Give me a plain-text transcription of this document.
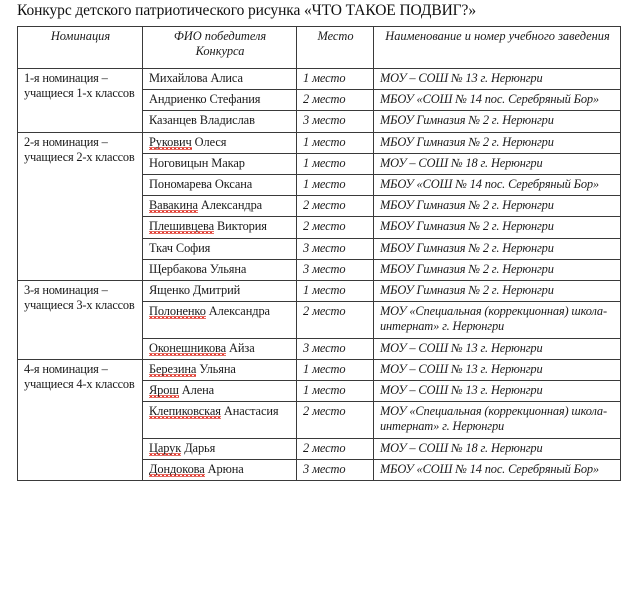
Конкурс детского патриотического рисунка «ЧТО ТАКОЕ ПОДВИГ?»
Номинация	ФИО победителя Конкурса	Место	Наименование и номер учебного заведения
1-я номинация – учащиеся 1-х классов	Михайлова Алиса	1 место	МОУ – СОШ № 13 г. Нерюнгри
	Андриенко Стефания	2 место	МБОУ «СОШ № 14 пос. Серебряный Бор»
	Казанцев Владислав	3 место	МБОУ Гимназия № 2 г. Нерюнгри
2-я номинация – учащиеся 2-х классов	Рукович Олеся	1 место	МБОУ Гимназия № 2 г. Нерюнгри
	Ноговицын Макар	1 место	МОУ – СОШ № 18 г. Нерюнгри
	Пономарева Оксана	1 место	МБОУ «СОШ № 14 пос. Серебряный Бор»
	Вавакина Александра	2 место	МБОУ Гимназия № 2 г. Нерюнгри
	Плешивцева Виктория	2 место	МБОУ Гимназия № 2 г. Нерюнгри
	Ткач София	3 место	МБОУ Гимназия № 2 г. Нерюнгри
	Щербакова Ульяна	3 место	МБОУ Гимназия № 2 г. Нерюнгри
3-я номинация – учащиеся 3-х классов	Ященко Дмитрий	1 место	МБОУ Гимназия № 2 г. Нерюнгри
	Полоненко Александра	2 место	МОУ «Специальная (коррекционная) школа-интернат» г. Нерюнгри
	Оконешникова Айза	3 место	МОУ – СОШ № 13 г. Нерюнгри
4-я номинация – учащиеся 4-х классов	Березина Ульяна	1 место	МОУ – СОШ № 13 г. Нерюнгри
	Ярош Алена	1 место	МОУ – СОШ № 13 г. Нерюнгри
	Клепиковская Анастасия	2 место	МОУ «Специальная (коррекционная) школа-интернат» г. Нерюнгри
	Царук Дарья	2 место	МОУ – СОШ № 18 г. Нерюнгри
	Дондокова Арюна	3 место	МБОУ «СОШ № 14 пос. Серебряный Бор»
